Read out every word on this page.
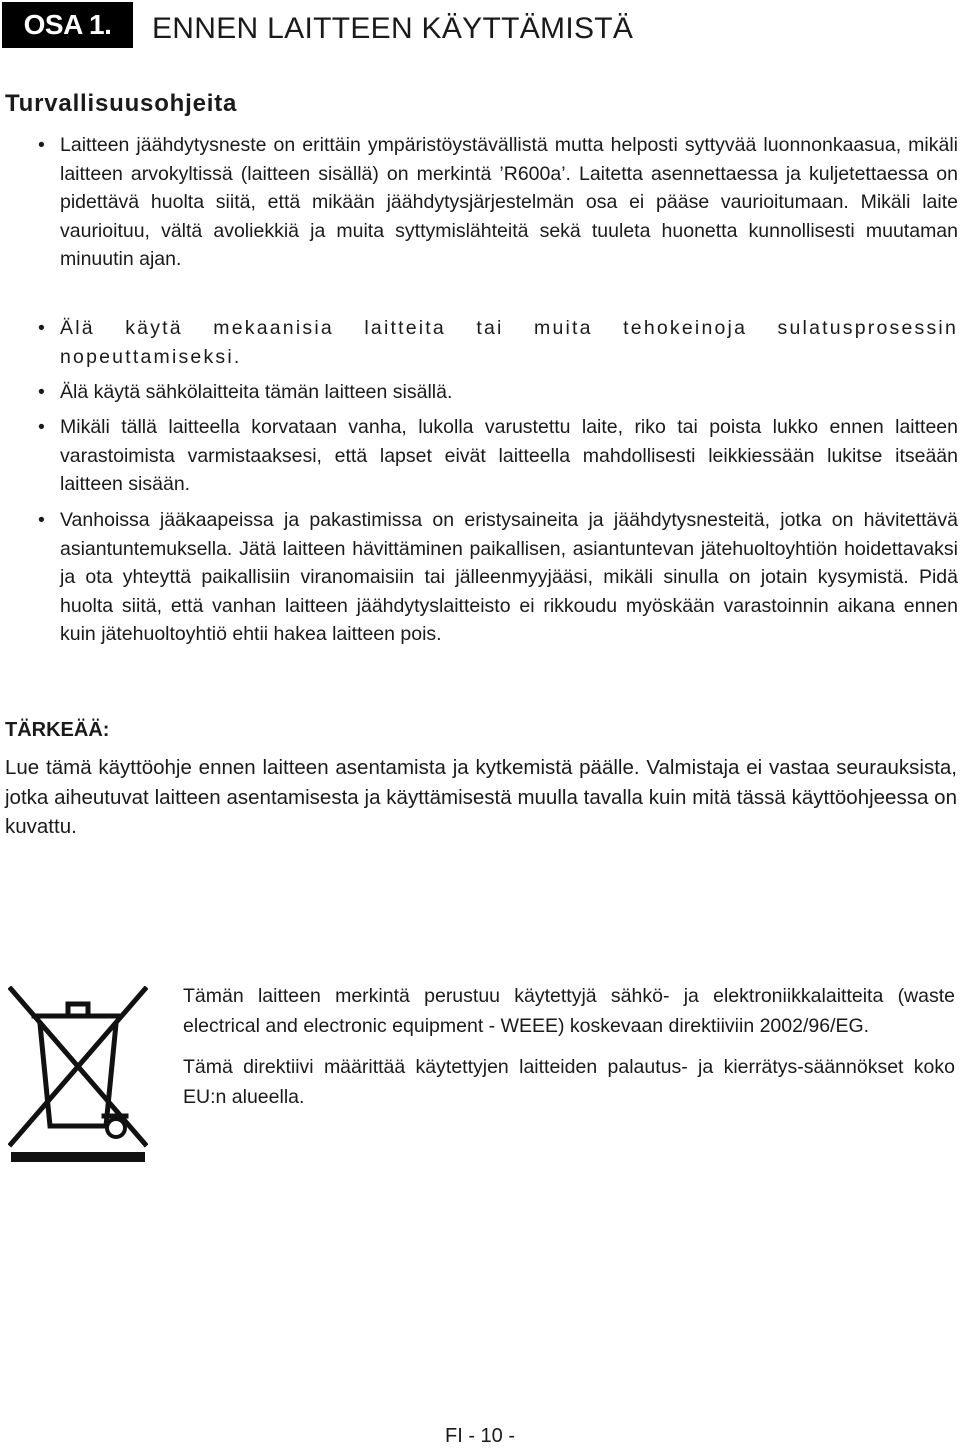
OSA 1.	ENNEN LAITTEEN KÄYTTÄMISTÄ
Turvallisuusohjeita
• Laitteen jäähdytysneste on erittäin ympäristöystävällistä mutta helposti syttyvää luonnonkaasua, mikäli laitteen arvokyltissä (laitteen sisällä) on merkintä ’R600a’. Laitetta asennettaessa ja kuljetettaessa on pidettävä huolta siitä, että mikään jäähdytysjärjestelmän osa ei pääse vaurioitumaan. Mikäli laite vaurioituu, vältä avoliekkiä ja muita syttymislähteitä sekä tuuleta huonetta kunnollisesti muutaman minuutin ajan.
• Älä käytä mekaanisia laitteita tai muita tehokeinoja sulatusprosessin nopeuttamiseksi.
• Älä käytä sähkölaitteita tämän laitteen sisällä.
• Mikäli tällä laitteella korvataan vanha, lukolla varustettu laite, riko tai poista lukko ennen laitteen varastoimista varmistaaksesi, että lapset eivät laitteella mahdollisesti leikkiessään lukitse itseään laitteen sisään.
• Vanhoissa jääkaapeissa ja pakastimissa on eristysaineita ja jäähdytysnesteitä, jotka on hävitettävä asiantuntemuksella. Jätä laitteen hävittäminen paikallisen, asiantuntevan jätehuoltoyhtiön hoidettavaksi ja ota yhteyttä paikallisiin viranomaisiin tai jälleenmyyjääsi, mikäli sinulla on jotain kysymistä. Pidä huolta siitä, että vanhan laitteen jäähdytyslaitteisto ei rikkoudu myöskään varastoinnin aikana ennen kuin jätehuoltoyhtiö ehtii hakea laitteen pois.
TÄRKEÄÄ:
Lue tämä käyttöohje ennen laitteen asentamista ja kytkemistä päälle. Valmistaja ei vastaa seurauksista, jotka aiheutuvat laitteen asentamisesta ja käyttämisestä muulla tavalla kuin mitä tässä käyttöohjeessa on kuvattu.

Tämän laitteen merkintä perustuu käytettyjä sähkö- ja elektroniikkalaitteita (waste electrical and electronic equipment - WEEE) koskevaan direktiiviin 2002/96/EG.

Tämä direktiivi määrittää käytettyjen laitteiden palautus- ja kierrätys-säännökset koko EU:n alueella.

FI - 10 -
